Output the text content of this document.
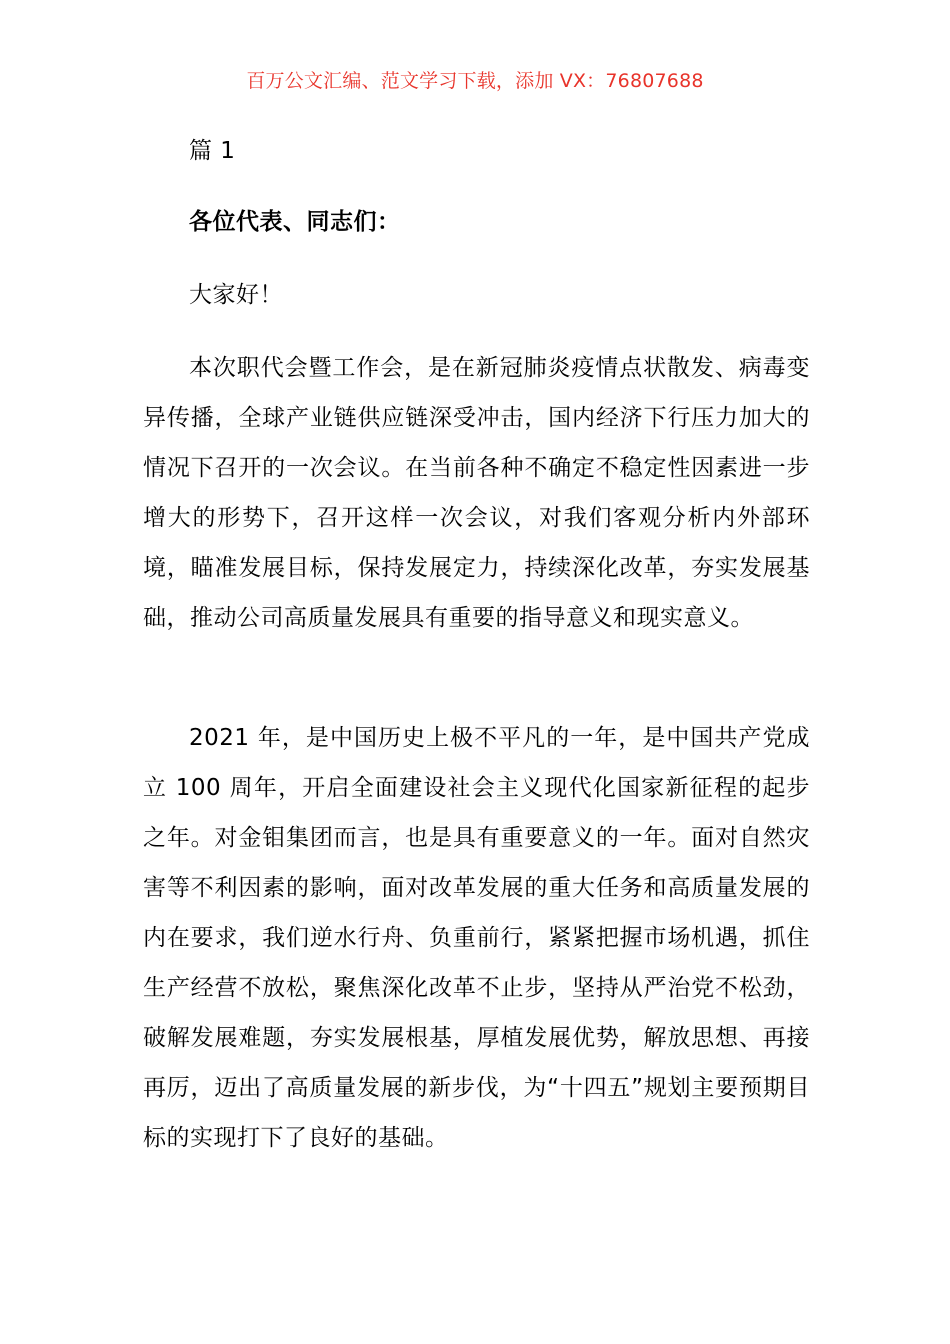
百万公文汇编、范文学习下载，添加 VX：76807688
篇 1
各位代表、同志们：
大家好！

本次职代会暨工作会，是在新冠肺炎疫情点状散发、病毒变异传播，全球产业链供应链深受冲击，国内经济下行压力加大的情况下召开的一次会议。在当前各种不确定不稳定性因素进一步增大的形势下，召开这样一次会议，对我们客观分析内外部环境，瞄准发展目标，保持发展定力，持续深化改革，夯实发展基础，推动公司高质量发展具有重要的指导意义和现实意义。

2021 年，是中国历史上极不平凡的一年，是中国共产党成立 100 周年，开启全面建设社会主义现代化国家新征程的起步之年。对金钼集团而言，也是具有重要意义的一年。面对自然灾害等不利因素的影响，面对改革发展的重大任务和高质量发展的内在要求，我们逆水行舟、负重前行，紧紧把握市场机遇，抓住生产经营不放松，聚焦深化改革不止步，坚持从严治党不松劲，破解发展难题，夯实发展根基，厚植发展优势，解放思想、再接再厉，迈出了高质量发展的新步伐，为“十四五”规划主要预期目标的实现打下了良好的基础。
